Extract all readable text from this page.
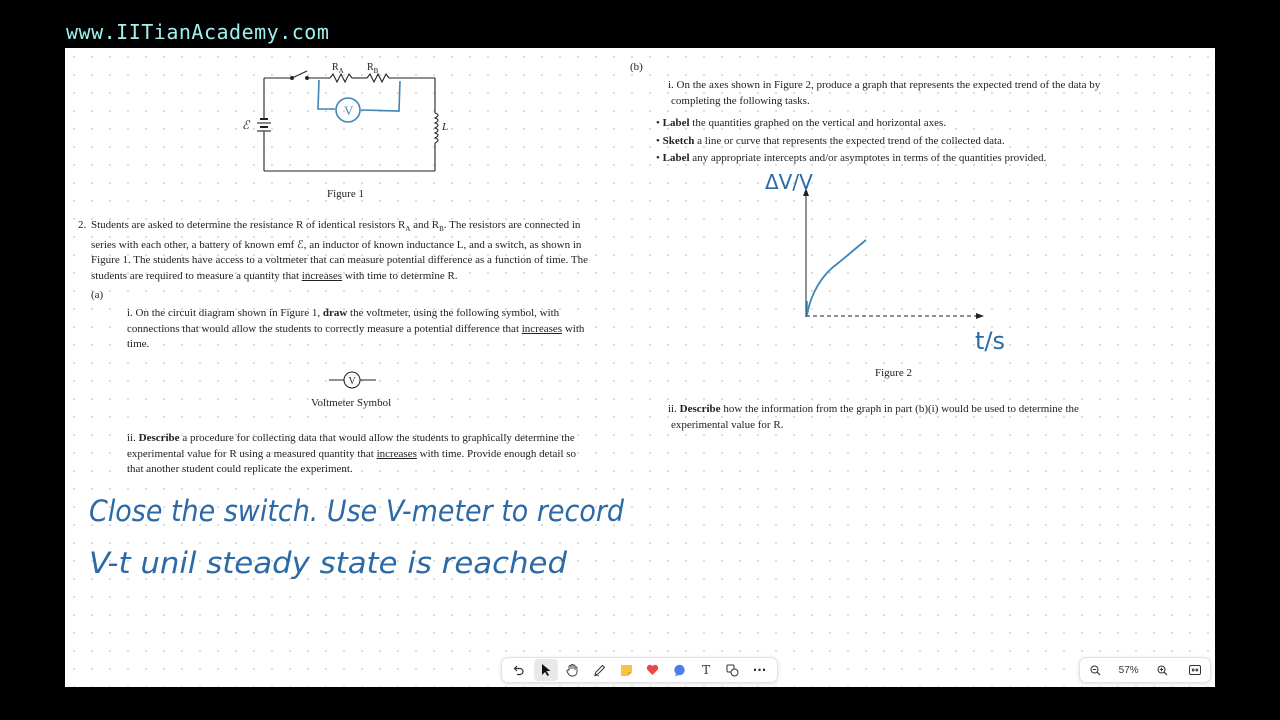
www.IITianAcademy.com
V
$R_A$ $R_B$
ℰ	L
Figure 1
2. Students are asked to determine the resistance R of identical resistors $R_A$ and $R_B$. The resistors are connected in
series with each other, a battery of known emf ℰ, an inductor of known inductance L, and a switch, as shown in
Figure 1. The students have access to a voltmeter that can measure potential difference as a function of time. The
students are required to measure a quantity that increases with time to determine R.
(a)
i. On the circuit diagram shown in Figure 1, draw the voltmeter, using the following symbol, with
connections that would allow the students to correctly measure a potential difference that increases with
time.
V
Voltmeter Symbol
ii. Describe a procedure for collecting data that would allow the students to graphically determine the
experimental value for R using a measured quantity that increases with time. Provide enough detail so
that another student could replicate the experiment.
Close the switch. Use V-meter to record
V-t unil steady state is reached
(b)
i. On the axes shown in Figure 2, produce a graph that represents the expected trend of the data by
completing the following tasks.
• Label the quantities graphed on the vertical and horizontal axes.
• Sketch a line or curve that represents the expected trend of the collected data.
• Label any appropriate intercepts and/or asymptotes in terms of the quantities provided.
ΔV/V
t/s
Figure 2
ii. Describe how the information from the graph in part (b)(i) would be used to determine the
experimental value for R.
T	···	57%
